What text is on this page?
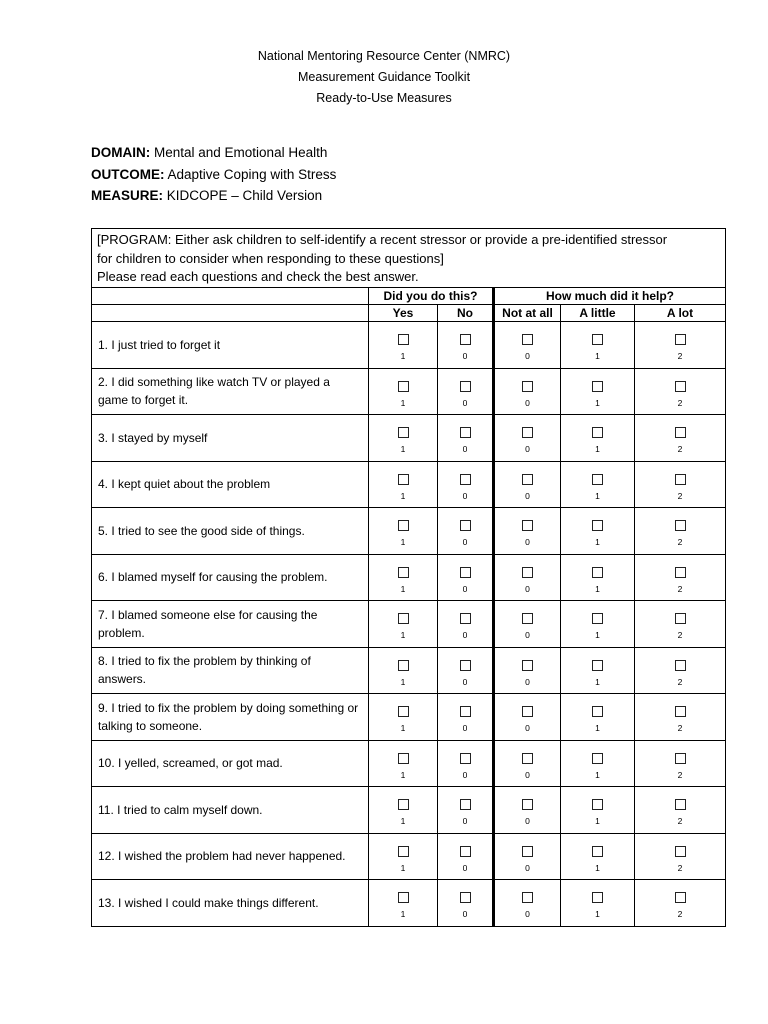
National Mentoring Resource Center (NMRC)
Measurement Guidance Toolkit
Ready-to-Use Measures
DOMAIN: Mental and Emotional Health
OUTCOME: Adaptive Coping with Stress
MEASURE: KIDCOPE – Child Version
[PROGRAM: Either ask children to self-identify a recent stressor or provide a pre-identified stressor
for children to consider when responding to these questions]
Please read each questions and check the best answer.					

	Did you do this?		How much did it help?		
	Yes	No	Not at all	A little	A lot
1. I just tried to forget it	1	0	0	1	2

2. I did something like watch TV or played a game to forget it.	1	0	0	1	2

3. I stayed by myself	1	0	0	1	2

4. I kept quiet about the problem	1	0	0	1	2

5. I tried to see the good side of things.	1	0	0	1	2

6. I blamed myself for causing the problem.	1	0	0	1	2

7. I blamed someone else for causing the problem.	1	0	0	1	2

8. I tried to fix the problem by thinking of answers.	1	0	0	1	2

9. I tried to fix the problem by doing something or talking to someone.	1	0	0	1	2

10. I yelled, screamed, or got mad.	1	0	0	1	2

11. I tried to calm myself down.	1	0	0	1	2

12. I wished the problem had never happened.	1	0	0	1	2

13. I wished I could make things different.	1	0	0	1	2
